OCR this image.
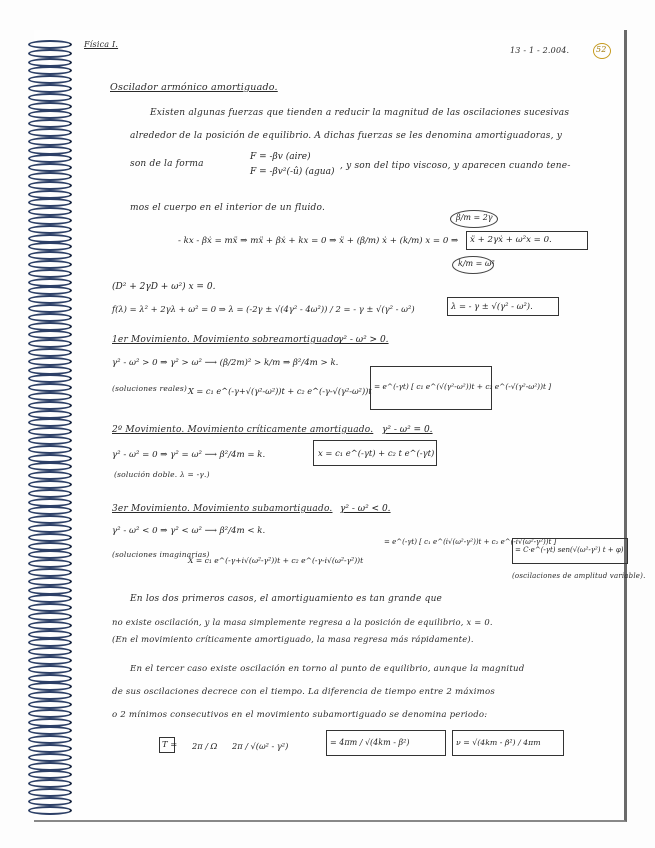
Física I.
13 - 1 - 2.004.	52
Oscilador armónico amortiguado.
Existen algunas fuerzas que tienden a reducir la magnitud de las oscilaciones sucesivas
alrededor de la posición de equilibrio. A dichas fuerzas se les denomina amortiguadoras, y
son de la forma
F = -βv (aire)
F = -βv²(-û) (agua)
, y son del tipo viscoso, y aparecen cuando tene-
mos el cuerpo en el interior de un fluido.
β/m = 2γ
- kx - βẋ = mẍ ⇒ mẍ + βẋ + kx = 0 ⇒ ẍ + (β/m) ẋ + (k/m) x = 0 ⇒ ẍ + 2γẋ + ω²x = 0.
k/m = ω²
(D² + 2γD + ω²) x = 0.
f(λ) = λ² + 2γλ + ω² = 0 ⇒ λ = (-2γ ± √(4γ² - 4ω²)) / 2 = - γ ± √(γ² - ω²)	λ = - γ ± √(γ² - ω²).
1er Movimiento. Movimiento sobreamortiguado.
γ² - ω² > 0.
γ² - ω² > 0 ⇒ γ² > ω² ⟶ (β/2m)² > k/m ⇒ β²/4m > k.
(soluciones reales) X = c₁ e^(-γ+√(γ²-ω²))t + c₂ e^(-γ-√(γ²-ω²))t = e^(-γt) [ c₁ e^(√(γ²-ω²))t + c₂ e^(-√(γ²-ω²))t ]
2º Movimiento. Movimiento críticamente amortiguado. γ² - ω² = 0.
γ² - ω² = 0 ⇒ γ² = ω² ⟶ β²/4m = k.	x = c₁ e^(-γt) + c₂ t e^(-γt)
(solución doble. λ = -γ.)
3er Movimiento. Movimiento subamortiguado. γ² - ω² < 0.
γ² - ω² < 0 ⇒ γ² < ω² ⟶ β²/4m < k.
(soluciones imaginarias)
X = c₁ e^(-γ+i√(ω²-γ²))t + c₂ e^(-γ-i√(ω²-γ²))t
= e^(-γt) [ c₁ e^(i√(ω²-γ²))t + c₂ e^(-i√(ω²-γ²))t ]
= C·e^(-γt) sen(√(ω²-γ²) t + φ)
(oscilaciones de amplitud variable).
En los dos primeros casos, el amortiguamiento es tan grande que
no existe oscilación, y la masa simplemente regresa a la posición de equilibrio, x = 0.
(En el movimiento críticamente amortiguado, la masa regresa más rápidamente).
En el tercer caso existe oscilación en torno al punto de equilibrio, aunque la magnitud
de sus oscilaciones decrece con el tiempo. La diferencia de tiempo entre 2 máximos
o 2 mínimos consecutivos en el movimiento subamortiguado se denomina periodo:
T = 2π / Ω 2π / √(ω² - γ²)	= 4πm / √(4km - β²)	ν = √(4km - β²) / 4πm
